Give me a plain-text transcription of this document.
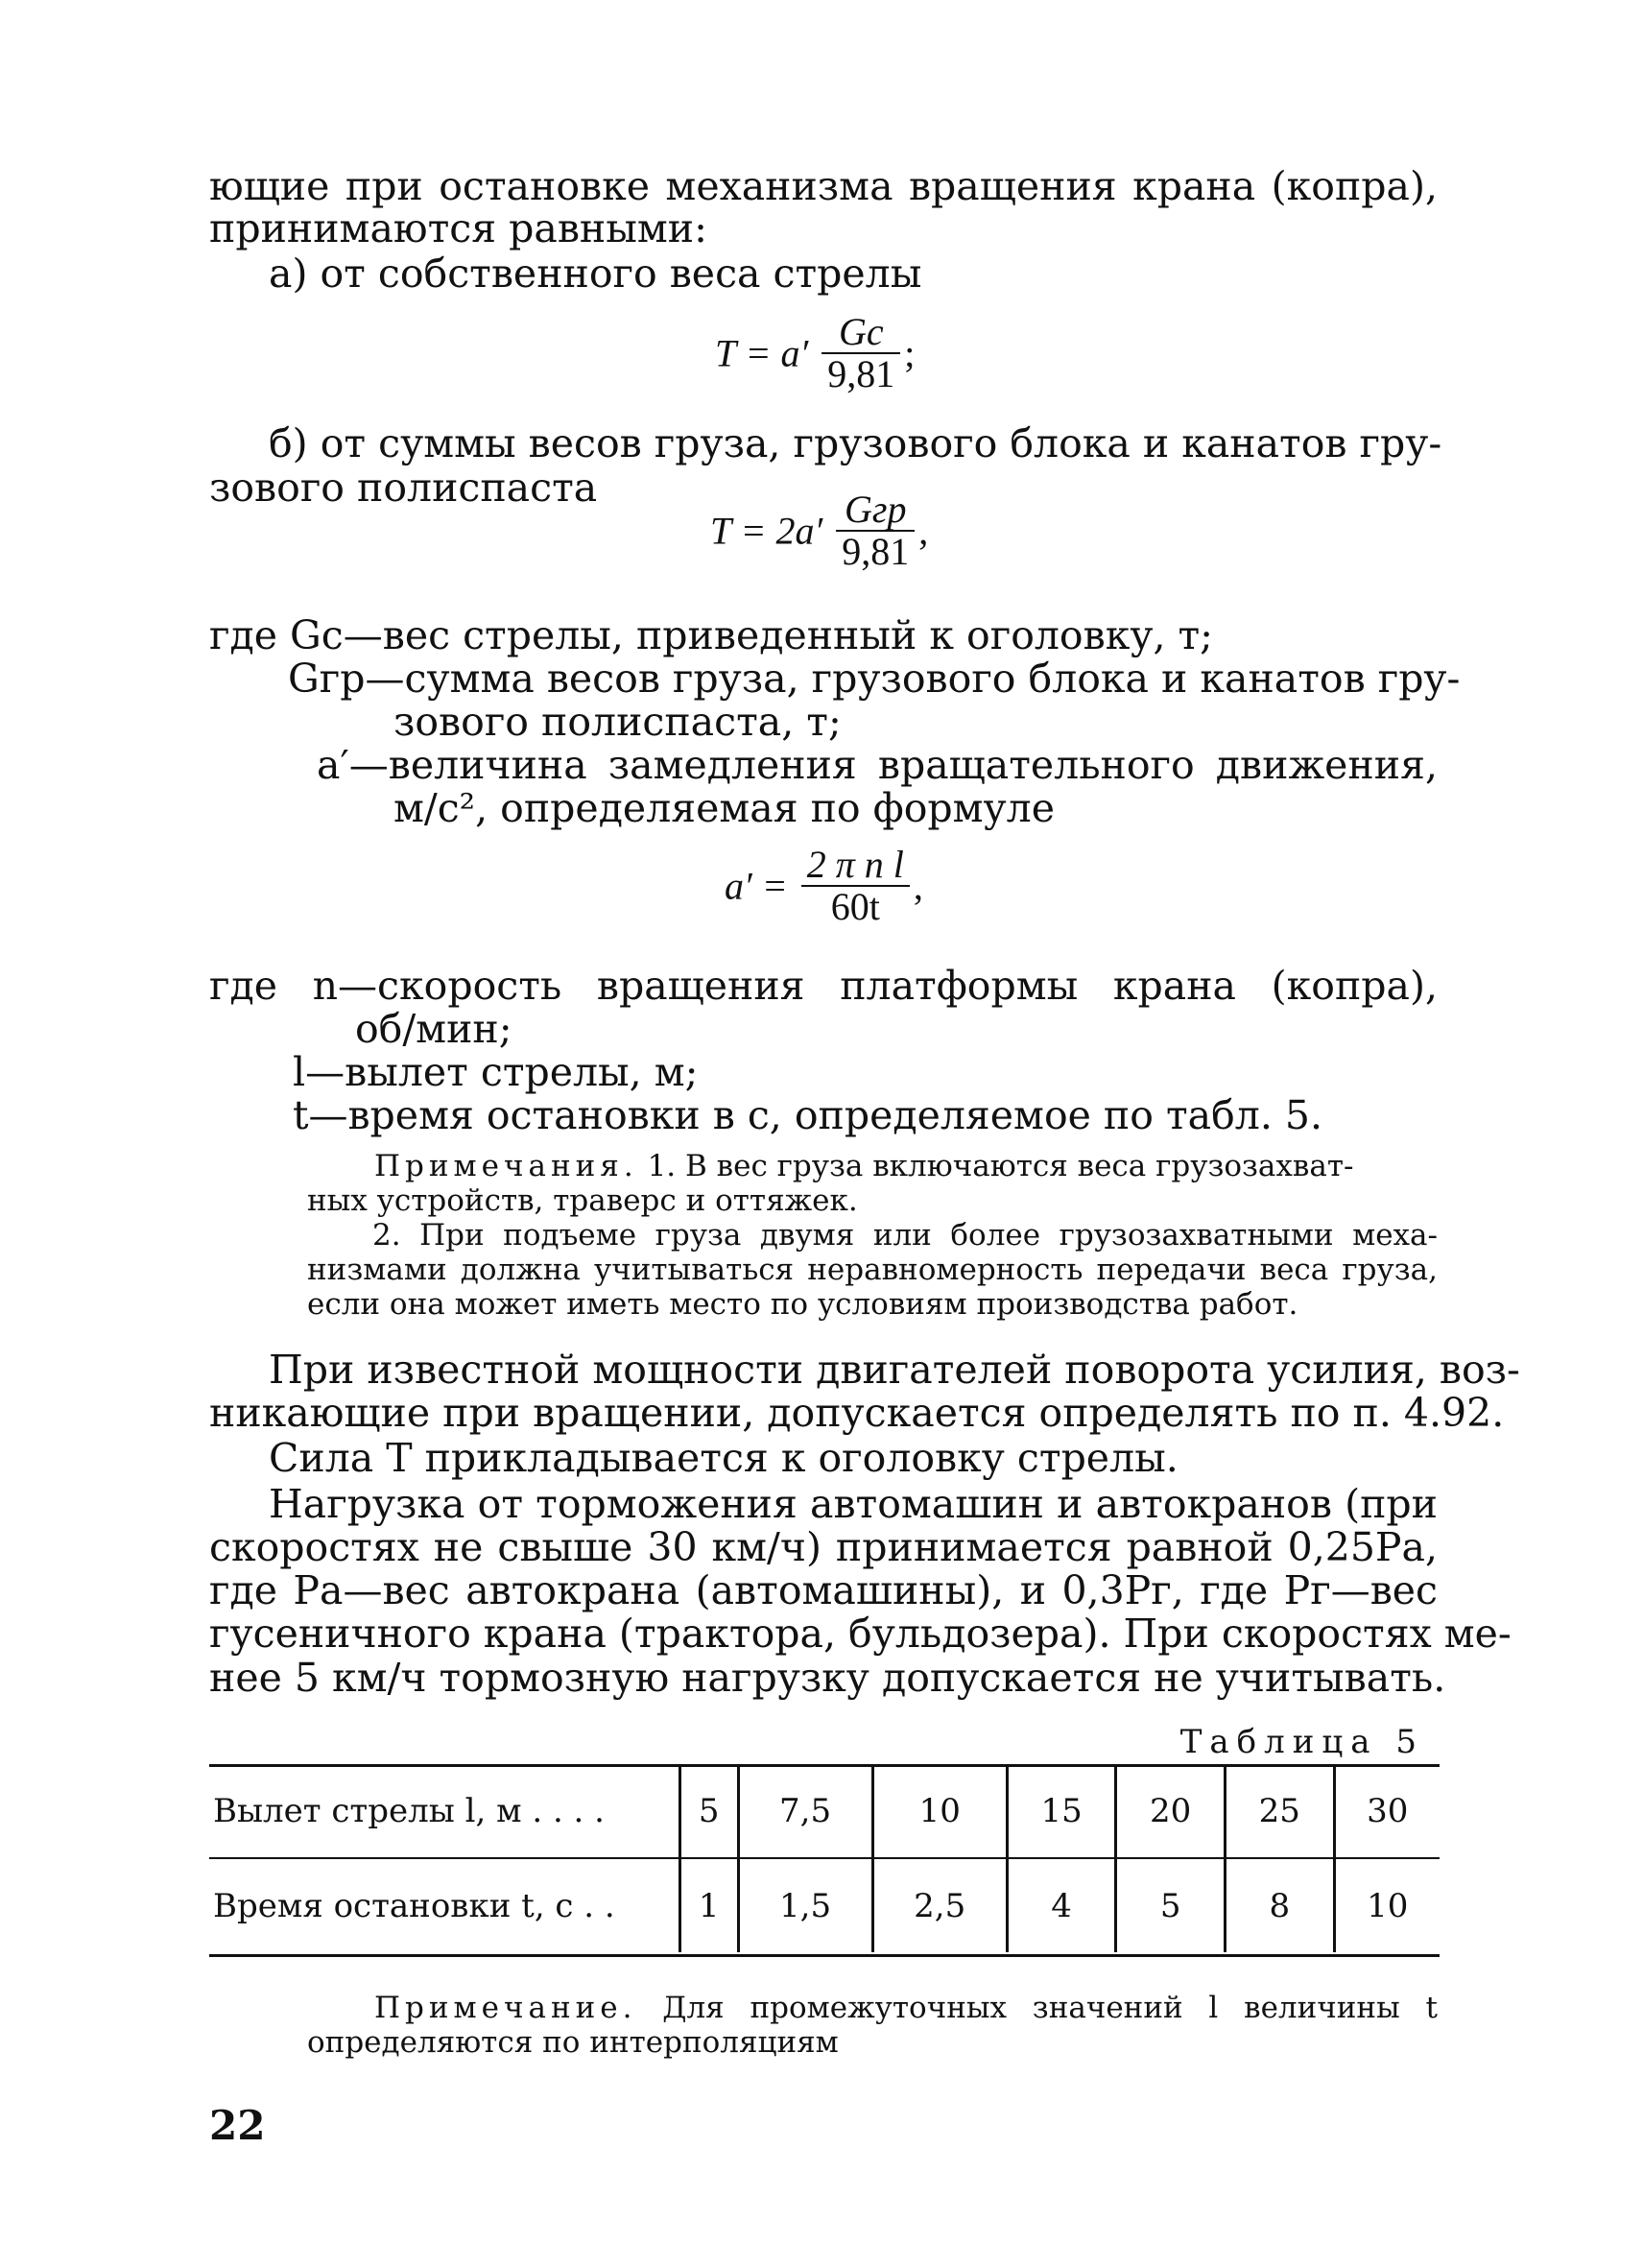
ющие при остановке механизма вращения крана (копра),
принимаются равными:
а) от собственного веса стрелы
$T = a' \frac{Gc}{9,81}$ ;
б) от суммы весов груза, грузового блока и канатов гру-
зового полиспаста
$T = 2a' \frac{\text{Gгр}}{9,81}$ ,
где Gс—вес стрелы, приведенный к оголовку, т;
Gгр—сумма весов груза, грузового блока и канатов гру-
зового полиспаста, т;
a′—величина замедления вращательного движения,
м/с², определяемая по формуле
$a' = \frac{\text{2 π n l}}{60t}$ ,
где n—скорость вращения платформы крана (копра),
об/мин;
l—вылет стрелы, м;
t—время остановки в с, определяемое по табл. 5.
Примечания. 1. В вес груза включаются веса грузозахват-
ных устройств, траверс и оттяжек.
2. При подъеме груза двумя или более грузозахватными меха-
низмами должна учитываться неравномерность передачи веса груза,
если она может иметь место по условиям производства работ.
При известной мощности двигателей поворота усилия, воз-
никающие при вращении, допускается определять по п. 4.92.
Сила T прикладывается к оголовку стрелы.
Нагрузка от торможения автомашин и автокранов (при
скоростях не свыше 30 км/ч) принимается равной 0,25Pа,
где Pа—вес автокрана (автомашины), и 0,3Pг, где Pг—вес
гусеничного крана (трактора, бульдозера). При скоростях ме-
нее 5 км/ч тормозную нагрузку допускается не учитывать.
Таблица 5
Вылет стрелы l, м . . . .	5	7,5	10	15	20	25	30
Время остановки t, с . .	1	1,5	2,5	4	5	8	10
Примечание. Для промежуточных значений l величины t
определяются по интерполяциям
22
